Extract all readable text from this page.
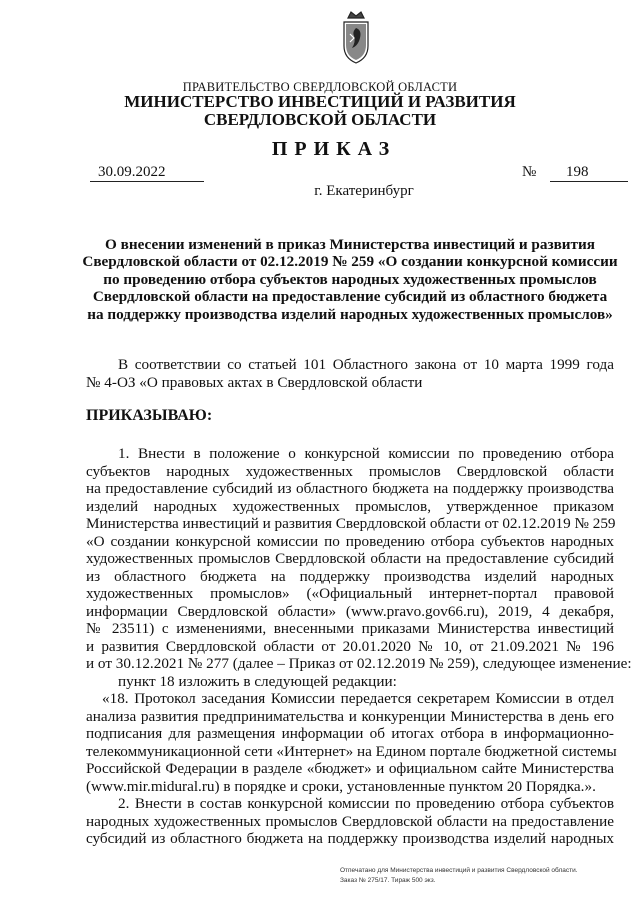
ПРАВИТЕЛЬСТВО СВЕРДЛОВСКОЙ ОБЛАСТИ
МИНИСТЕРСТВО ИНВЕСТИЦИЙ И РАЗВИТИЯ
СВЕРДЛОВСКОЙ ОБЛАСТИ
ПРИКАЗ
30.09.2022	№	198
г. Екатеринбург
О внесении изменений в приказ Министерства инвестиций и развития
Свердловской области от 02.12.2019 № 259 «О создании конкурсной комиссии
по проведению отбора субъектов народных художественных промыслов
Свердловской области на предоставление субсидий из областного бюджета
на поддержку производства изделий народных художественных промыслов»
В соответствии со статьей 101 Областного закона от 10 марта 1999 года
№ 4-ОЗ «О правовых актах в Свердловской области
ПРИКАЗЫВАЮ:
1. Внести в положение о конкурсной комиссии по проведению отбора
субъектов народных художественных промыслов Свердловской области
на предоставление субсидий из областного бюджета на поддержку производства
изделий народных художественных промыслов, утвержденное приказом
Министерства инвестиций и развития Свердловской области от 02.12.2019 № 259
«О создании конкурсной комиссии по проведению отбора субъектов народных
художественных промыслов Свердловской области на предоставление субсидий
из областного бюджета на поддержку производства изделий народных
художественных промыслов» («Официальный интернет-портал правовой
информации Свердловской области» (www.pravo.gov66.ru), 2019, 4 декабря,
№ 23511) с изменениями, внесенными приказами Министерства инвестиций
и развития Свердловской области от 20.01.2020 № 10, от 21.09.2021 № 196
и от 30.12.2021 № 277 (далее – Приказ от 02.12.2019 № 259), следующее изменение:
пункт 18 изложить в следующей редакции:
«18. Протокол заседания Комиссии передается секретарем Комиссии в отдел
анализа развития предпринимательства и конкуренции Министерства в день его
подписания для размещения информации об итогах отбора в информационно-
телекоммуникационной сети «Интернет» на Едином портале бюджетной системы
Российской Федерации в разделе «бюджет» и официальном сайте Министерства
(www.mir.midural.ru) в порядке и сроки, установленные пунктом 20 Порядка.».
2. Внести в состав конкурсной комиссии по проведению отбора субъектов
народных художественных промыслов Свердловской области на предоставление
субсидий из областного бюджета на поддержку производства изделий народных
Отпечатано для Министерства инвестиций и развития Свердловской области.
Заказ № 275/17. Тираж 500 экз.
